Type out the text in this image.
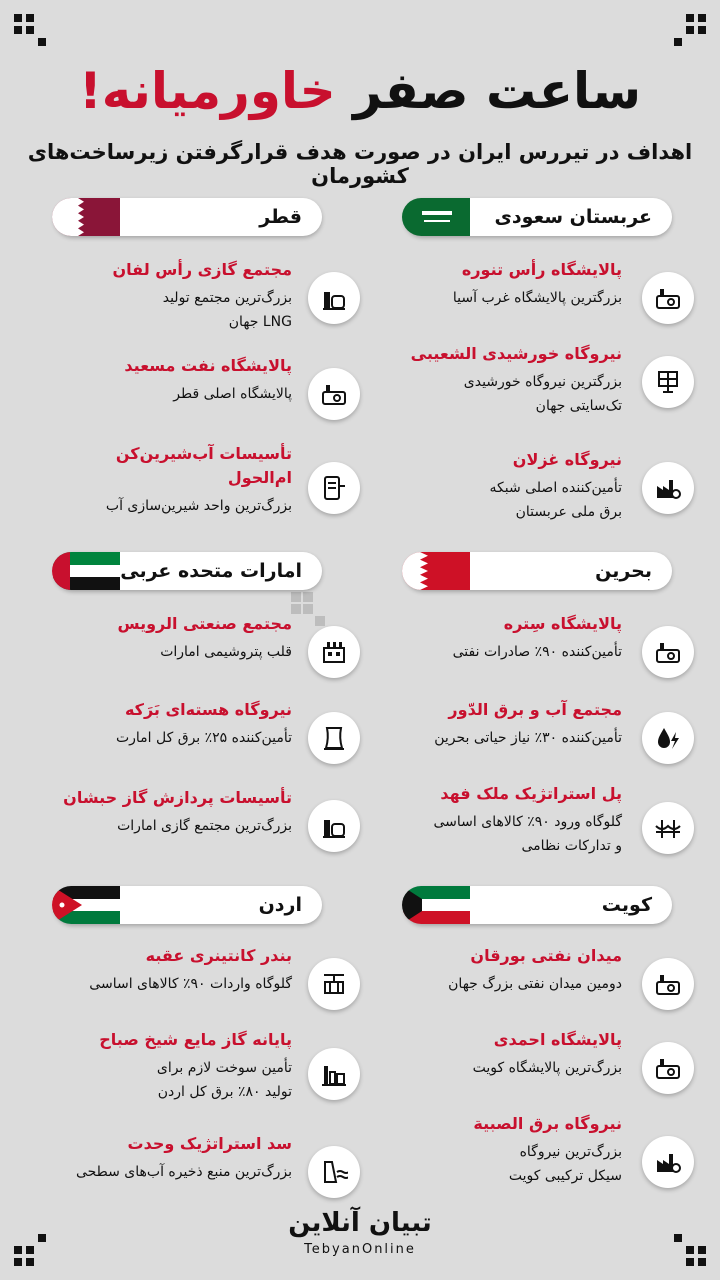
ساعت صفر خاورمیانه!
اهداف در تیررس ایران در صورت هدف قرارگرفتن زیرساخت‌های کشورمان
عربستان سعودی
پالایشگاه رأس تنوره
بزرگترین پالایشگاه غرب آسیا
نیروگاه خورشیدی الشعیبی
بزرگترین نیروگاه خورشیدی
تک‌سایتی جهان
نیروگاه غزلان
تأمین‌کننده اصلی شبکه
برق ملی عربستان
قطر
مجتمع گازی رأس لفان
بزرگ‌ترین مجتمع تولید
LNG جهان
پالایشگاه نفت مسعید
پالایشگاه اصلی قطر
تأسیسات آب‌شیرین‌کن
ام‌الحول
بزرگ‌ترین واحد شیرین‌سازی آب
بحرین
پالایشگاه سِتره
تأمین‌کننده ۹۰٪ صادرات نفتی
مجتمع آب و برق الدّور
تأمین‌کننده ۳۰٪ نیاز حیاتی بحرین
پل استراتژیک ملک فهد
گلوگاه ورود ۹۰٪ کالاهای اساسی
و تدارکات نظامی
امارات متحده عربی
مجتمع صنعتی الرویس
قلب پتروشیمی امارات
نیروگاه هسته‌ای بَرَکه
تأمین‌کننده ۲۵٪ برق کل امارت
تأسیسات پردازش گاز حبشان
بزرگ‌ترین مجتمع گازی امارات
کویت
میدان نفتی بورقان
دومین میدان نفتی بزرگ جهان
پالایشگاه احمدی
بزرگ‌ترین پالایشگاه کویت
نیروگاه برق الصبیة
بزرگ‌ترین نیروگاه
سیکل ترکیبی کویت
اردن
بندر کانتینری عقبه
گلوگاه واردات ۹۰٪ کالاهای اساسی
پایانه گاز مایع شیخ صباح
تأمین سوخت لازم برای
تولید ۸۰٪ برق کل اردن
سد استراتژیک وحدت
بزرگ‌ترین منبع ذخیره آب‌های سطحی
تبیان آنلاین
TebyanOnline
